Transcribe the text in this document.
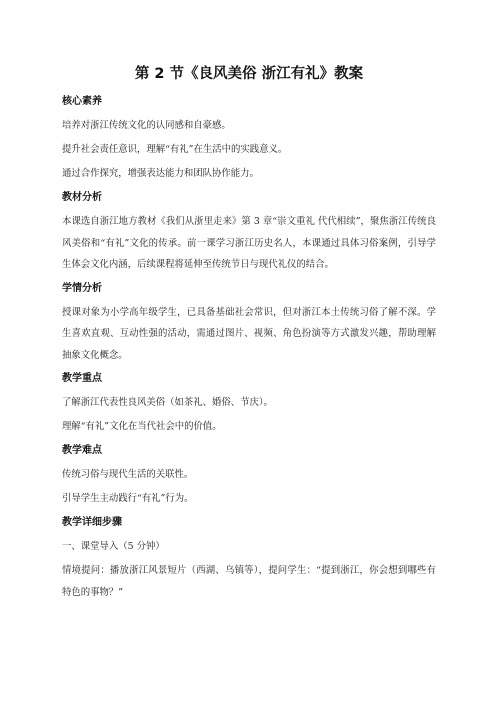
第 2 节《良风美俗 浙江有礼》教案
核心素养
培养对浙江传统文化的认同感和自豪感。
提升社会责任意识，理解“有礼”在生活中的实践意义。
通过合作探究，增强表达能力和团队协作能力。
教材分析
本课选自浙江地方教材《我们从浙里走来》第 3 章“崇文重礼 代代相续”，聚焦浙江传统良风美俗和“有礼”文化的传承。前一课学习浙江历史名人，本课通过具体习俗案例，引导学生体会文化内涵，后续课程将延伸至传统节日与现代礼仪的结合。
学情分析
授课对象为小学高年级学生，已具备基础社会常识，但对浙江本土传统习俗了解不深。学生喜欢直观、互动性强的活动，需通过图片、视频、角色扮演等方式激发兴趣，帮助理解抽象文化概念。
教学重点
了解浙江代表性良风美俗（如茶礼、婚俗、节庆）。
理解“有礼”文化在当代社会中的价值。
教学难点
传统习俗与现代生活的关联性。
引导学生主动践行“有礼”行为。
教学详细步骤
一、课堂导入（5 分钟）
情境提问：播放浙江风景短片（西湖、乌镇等），提问学生：“提到浙江，你会想到哪些有特色的事物？”
